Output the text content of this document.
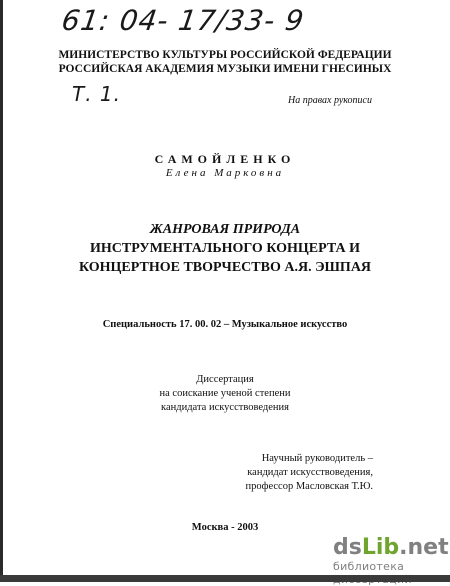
61: 04- 17/33- 9
Т. 1.
МИНИСТЕРСТВО КУЛЬТУРЫ РОССИЙСКОЙ ФЕДЕРАЦИИ
РОССИЙСКАЯ АКАДЕМИЯ МУЗЫКИ ИМЕНИ ГНЕСИНЫХ
На правах рукописи
САМОЙЛЕНКО
Елена Марковна
ЖАНРОВАЯ ПРИРОДА
ИНСТРУМЕНТАЛЬНОГО КОНЦЕРТА И
КОНЦЕРТНОЕ ТВОРЧЕСТВО А.Я. ЭШПАЯ
Специальность 17. 00. 02 – Музыкальное искусство
Диссертация
на соискание ученой степени
кандидата искусствоведения
Научный руководитель –
кандидат искусствоведения,
профессор Масловская Т.Ю.
Москва - 2003
dsLib.net
библиотека
